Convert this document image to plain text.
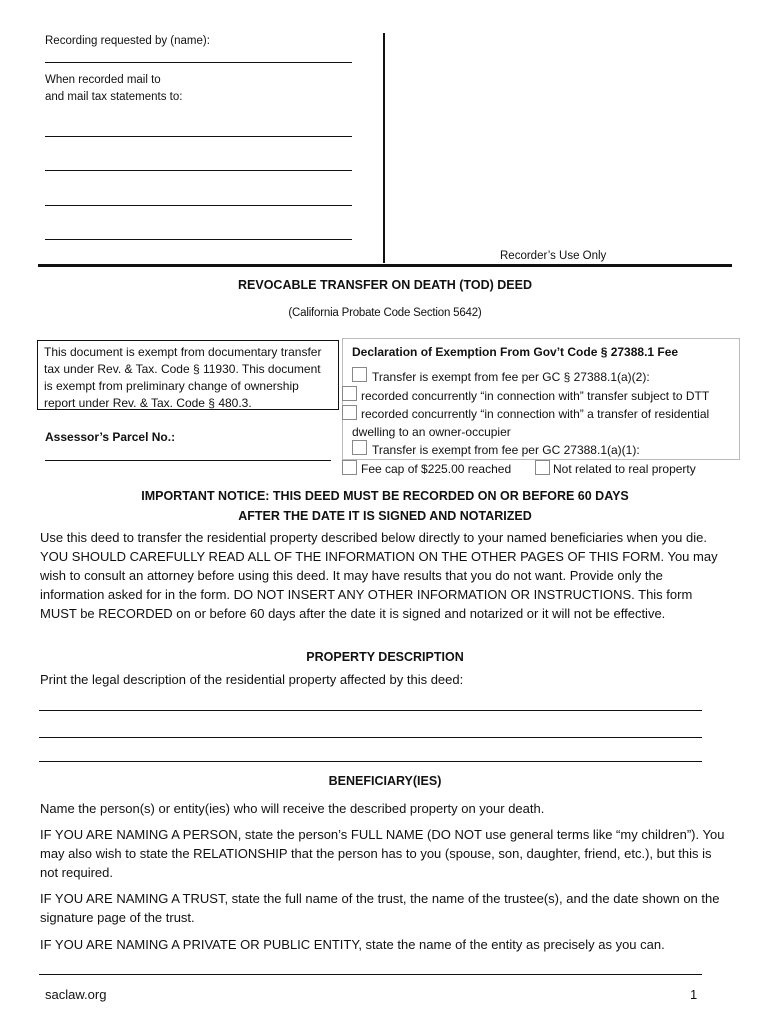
Recording requested by (name):
When recorded mail to
and mail tax statements to:
Recorder’s Use Only
REVOCABLE TRANSFER ON DEATH (TOD) DEED
(California Probate Code Section 5642)

This document is exempt from documentary transfer tax under Rev. & Tax. Code § 11930. This document is exempt from preliminary change of ownership report under Rev. & Tax. Code § 480.3.

Assessor’s Parcel No.:
Declaration of Exemption From Gov’t Code § 27388.1 Fee
Transfer is exempt from fee per GC § 27388.1(a)(2):
recorded concurrently “in connection with” transfer subject to DTT
recorded concurrently “in connection with” a transfer of residential
dwelling to an owner-occupier
Transfer is exempt from fee per GC 27388.1(a)(1):
Fee cap of $225.00 reached	Not related to real property
IMPORTANT NOTICE: THIS DEED MUST BE RECORDED ON OR BEFORE 60 DAYS
AFTER THE DATE IT IS SIGNED AND NOTARIZED
Use this deed to transfer the residential property described below directly to your named beneficiaries when you die. YOU SHOULD CAREFULLY READ ALL OF THE INFORMATION ON THE OTHER PAGES OF THIS FORM. You may wish to consult an attorney before using this deed. It may have results that you do not want. Provide only the information asked for in the form. DO NOT INSERT ANY OTHER INFORMATION OR INSTRUCTIONS. This form MUST be RECORDED on or before 60 days after the date it is signed and notarized or it will not be effective.
PROPERTY DESCRIPTION
Print the legal description of the residential property affected by this deed:
BENEFICIARY(IES)
Name the person(s) or entity(ies) who will receive the described property on your death.
IF YOU ARE NAMING A PERSON, state the person’s FULL NAME (DO NOT use general terms like “my children”). You may also wish to state the RELATIONSHIP that the person has to you (spouse, son, daughter, friend, etc.), but this is not required.
IF YOU ARE NAMING A TRUST, state the full name of the trust, the name of the trustee(s), and the date shown on the signature page of the trust.
IF YOU ARE NAMING A PRIVATE OR PUBLIC ENTITY, state the name of the entity as precisely as you can.
saclaw.org	1
